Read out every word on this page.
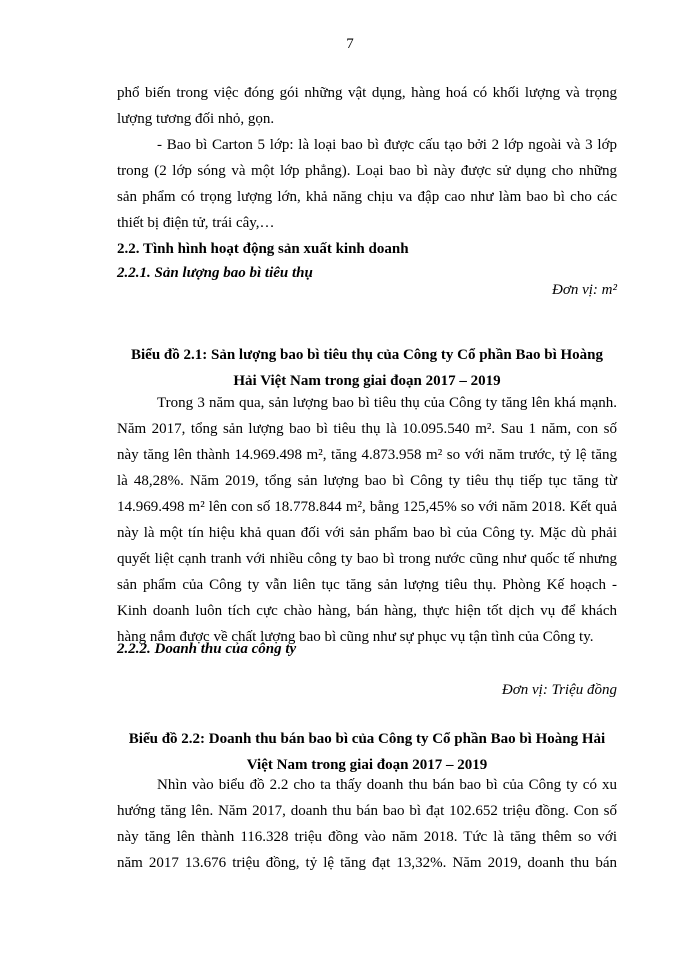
7
phổ biến trong việc đóng gói những vật dụng, hàng hoá có khối lượng và trọng
lượng tương đối nhỏ, gọn.
- Bao bì Carton 5 lớp: là loại bao bì được cấu tạo bởi 2 lớp ngoài và 3 lớp
trong (2 lớp sóng và một lớp phẳng). Loại bao bì này được sử dụng cho những
sản phẩm có trọng lượng lớn, khả năng chịu va đập cao như làm bao bì cho các
thiết bị điện tử, trái cây,…
2.2. Tình hình hoạt động sản xuất kinh doanh
2.2.1. Sản lượng bao bì tiêu thụ
Đơn vị: m²
Biểu đồ 2.1: Sản lượng bao bì tiêu thụ của Công ty Cổ phần Bao bì Hoàng
Hải Việt Nam trong giai đoạn 2017 – 2019
Trong 3 năm qua, sản lượng bao bì tiêu thụ của Công ty tăng lên khá mạnh.
Năm 2017, tổng sản lượng bao bì tiêu thụ là 10.095.540 m². Sau 1 năm, con số
này tăng lên thành 14.969.498 m², tăng 4.873.958 m² so với năm trước, tỷ lệ tăng
là 48,28%. Năm 2019, tổng sản lượng bao bì Công ty tiêu thụ tiếp tục tăng từ
14.969.498 m² lên con số 18.778.844 m², bằng 125,45% so với năm 2018. Kết quả
này là một tín hiệu khả quan đối với sản phẩm bao bì của Công ty. Mặc dù phải
quyết liệt cạnh tranh với nhiều công ty bao bì trong nước cũng như quốc tế nhưng
sản phẩm của Công ty vẫn liên tục tăng sản lượng tiêu thụ. Phòng Kế hoạch -
Kinh doanh luôn tích cực chào hàng, bán hàng, thực hiện tốt dịch vụ để khách
hàng nắm được về chất lượng bao bì cũng như sự phục vụ tận tình của Công ty.
2.2.2. Doanh thu của công ty
Đơn vị: Triệu đồng
Biểu đồ 2.2: Doanh thu bán bao bì của Công ty Cổ phần Bao bì Hoàng Hải
Việt Nam trong giai đoạn 2017 – 2019
Nhìn vào biểu đồ 2.2 cho ta thấy doanh thu bán bao bì của Công ty có xu
hướng tăng lên. Năm 2017, doanh thu bán bao bì đạt 102.652 triệu đồng. Con số
này tăng lên thành 116.328 triệu đồng vào năm 2018. Tức là tăng thêm so với
năm 2017 13.676 triệu đồng, tỷ lệ tăng đạt 13,32%. Năm 2019, doanh thu bán
